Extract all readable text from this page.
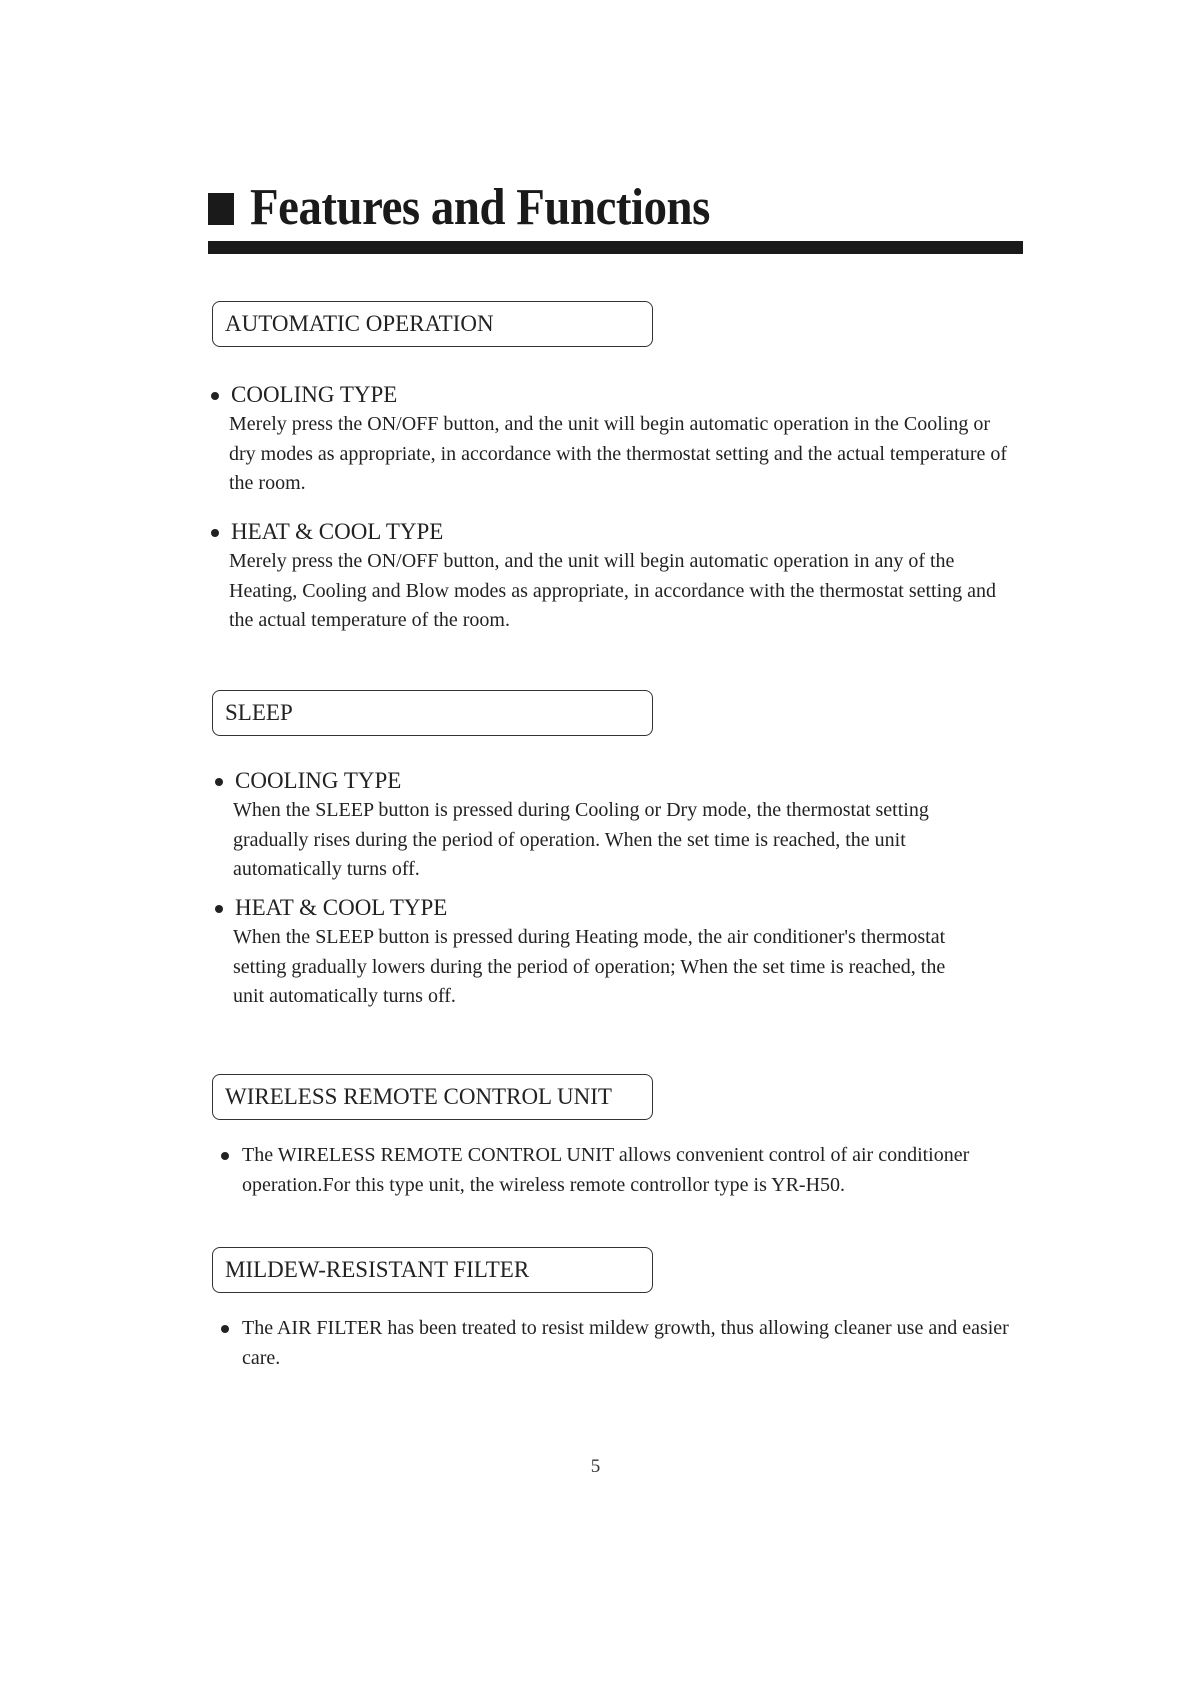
Features and Functions
AUTOMATIC OPERATION
COOLING TYPE
Merely press the ON/OFF button, and the unit will begin automatic operation in the Cooling or dry modes as appropriate, in accordance with the thermostat setting and the actual temperature of the room.
HEAT & COOL TYPE
Merely press the ON/OFF button, and the unit will begin automatic operation in any of the Heating, Cooling and Blow modes as appropriate, in accordance with the thermostat setting and the actual temperature of the room.
SLEEP
COOLING TYPE
When the SLEEP button is pressed during Cooling or Dry mode, the thermostat setting gradually rises during the period of operation. When the set time is reached, the unit automatically turns off.
HEAT & COOL TYPE
When the SLEEP button is pressed during Heating mode, the air conditioner's thermostat setting gradually lowers during the period of operation; When the set time is reached, the unit automatically turns off.
WIRELESS REMOTE CONTROL UNIT
The WIRELESS REMOTE CONTROL UNIT allows convenient control of air conditioner operation.For this type unit, the wireless remote controllor type is YR-H50.
MILDEW-RESISTANT FILTER
The AIR FILTER has been treated to resist mildew growth, thus allowing cleaner use and easier care.
5
